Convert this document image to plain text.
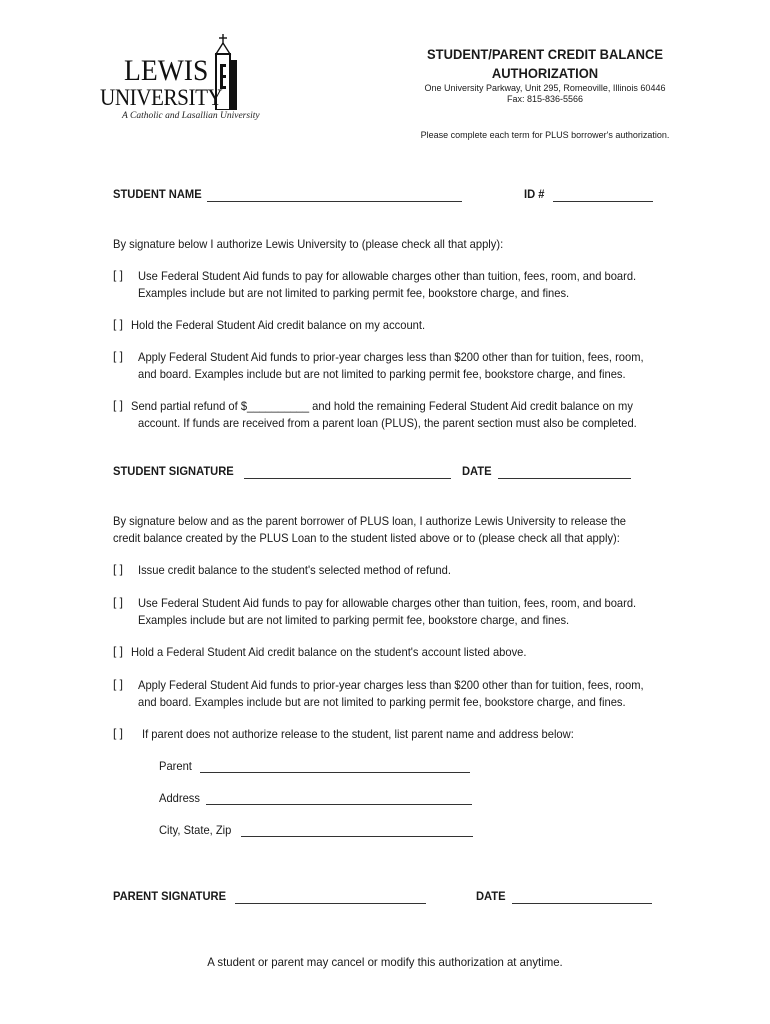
LEWIS
UNIVERSITY
A Catholic and Lasallian University
STUDENT/PARENT CREDIT BALANCE
AUTHORIZATION
One University Parkway, Unit 295, Romeoville, Illinois 60446
Fax: 815-836-5566
Please complete each term for PLUS borrower's authorization.
STUDENT NAME	ID #
By signature below I authorize Lewis University to (please check all that apply):
[ ] Use Federal Student Aid funds to pay for allowable charges other than tuition, fees, room, and board.
Examples include but are not limited to parking permit fee, bookstore charge, and fines.
[ ] Hold the Federal Student Aid credit balance on my account.
[ ] Apply Federal Student Aid funds to prior-year charges less than $200 other than for tuition, fees, room,
and board. Examples include but are not limited to parking permit fee, bookstore charge, and fines.
[ ] Send partial refund of $__________ and hold the remaining Federal Student Aid credit balance on my
account. If funds are received from a parent loan (PLUS), the parent section must also be completed.
STUDENT SIGNATURE	DATE
By signature below and as the parent borrower of PLUS loan, I authorize Lewis University to release the
credit balance created by the PLUS Loan to the student listed above or to (please check all that apply):
[ ] Issue credit balance to the student's selected method of refund.
[ ] Use Federal Student Aid funds to pay for allowable charges other than tuition, fees, room, and board.
Examples include but are not limited to parking permit fee, bookstore charge, and fines.
[ ] Hold a Federal Student Aid credit balance on the student's account listed above.
[ ] Apply Federal Student Aid funds to prior-year charges less than $200 other than for tuition, fees, room,
and board. Examples include but are not limited to parking permit fee, bookstore charge, and fines.
[ ] If parent does not authorize release to the student, list parent name and address below:
Parent
Address
City, State, Zip
PARENT SIGNATURE	DATE
A student or parent may cancel or modify this authorization at anytime.
